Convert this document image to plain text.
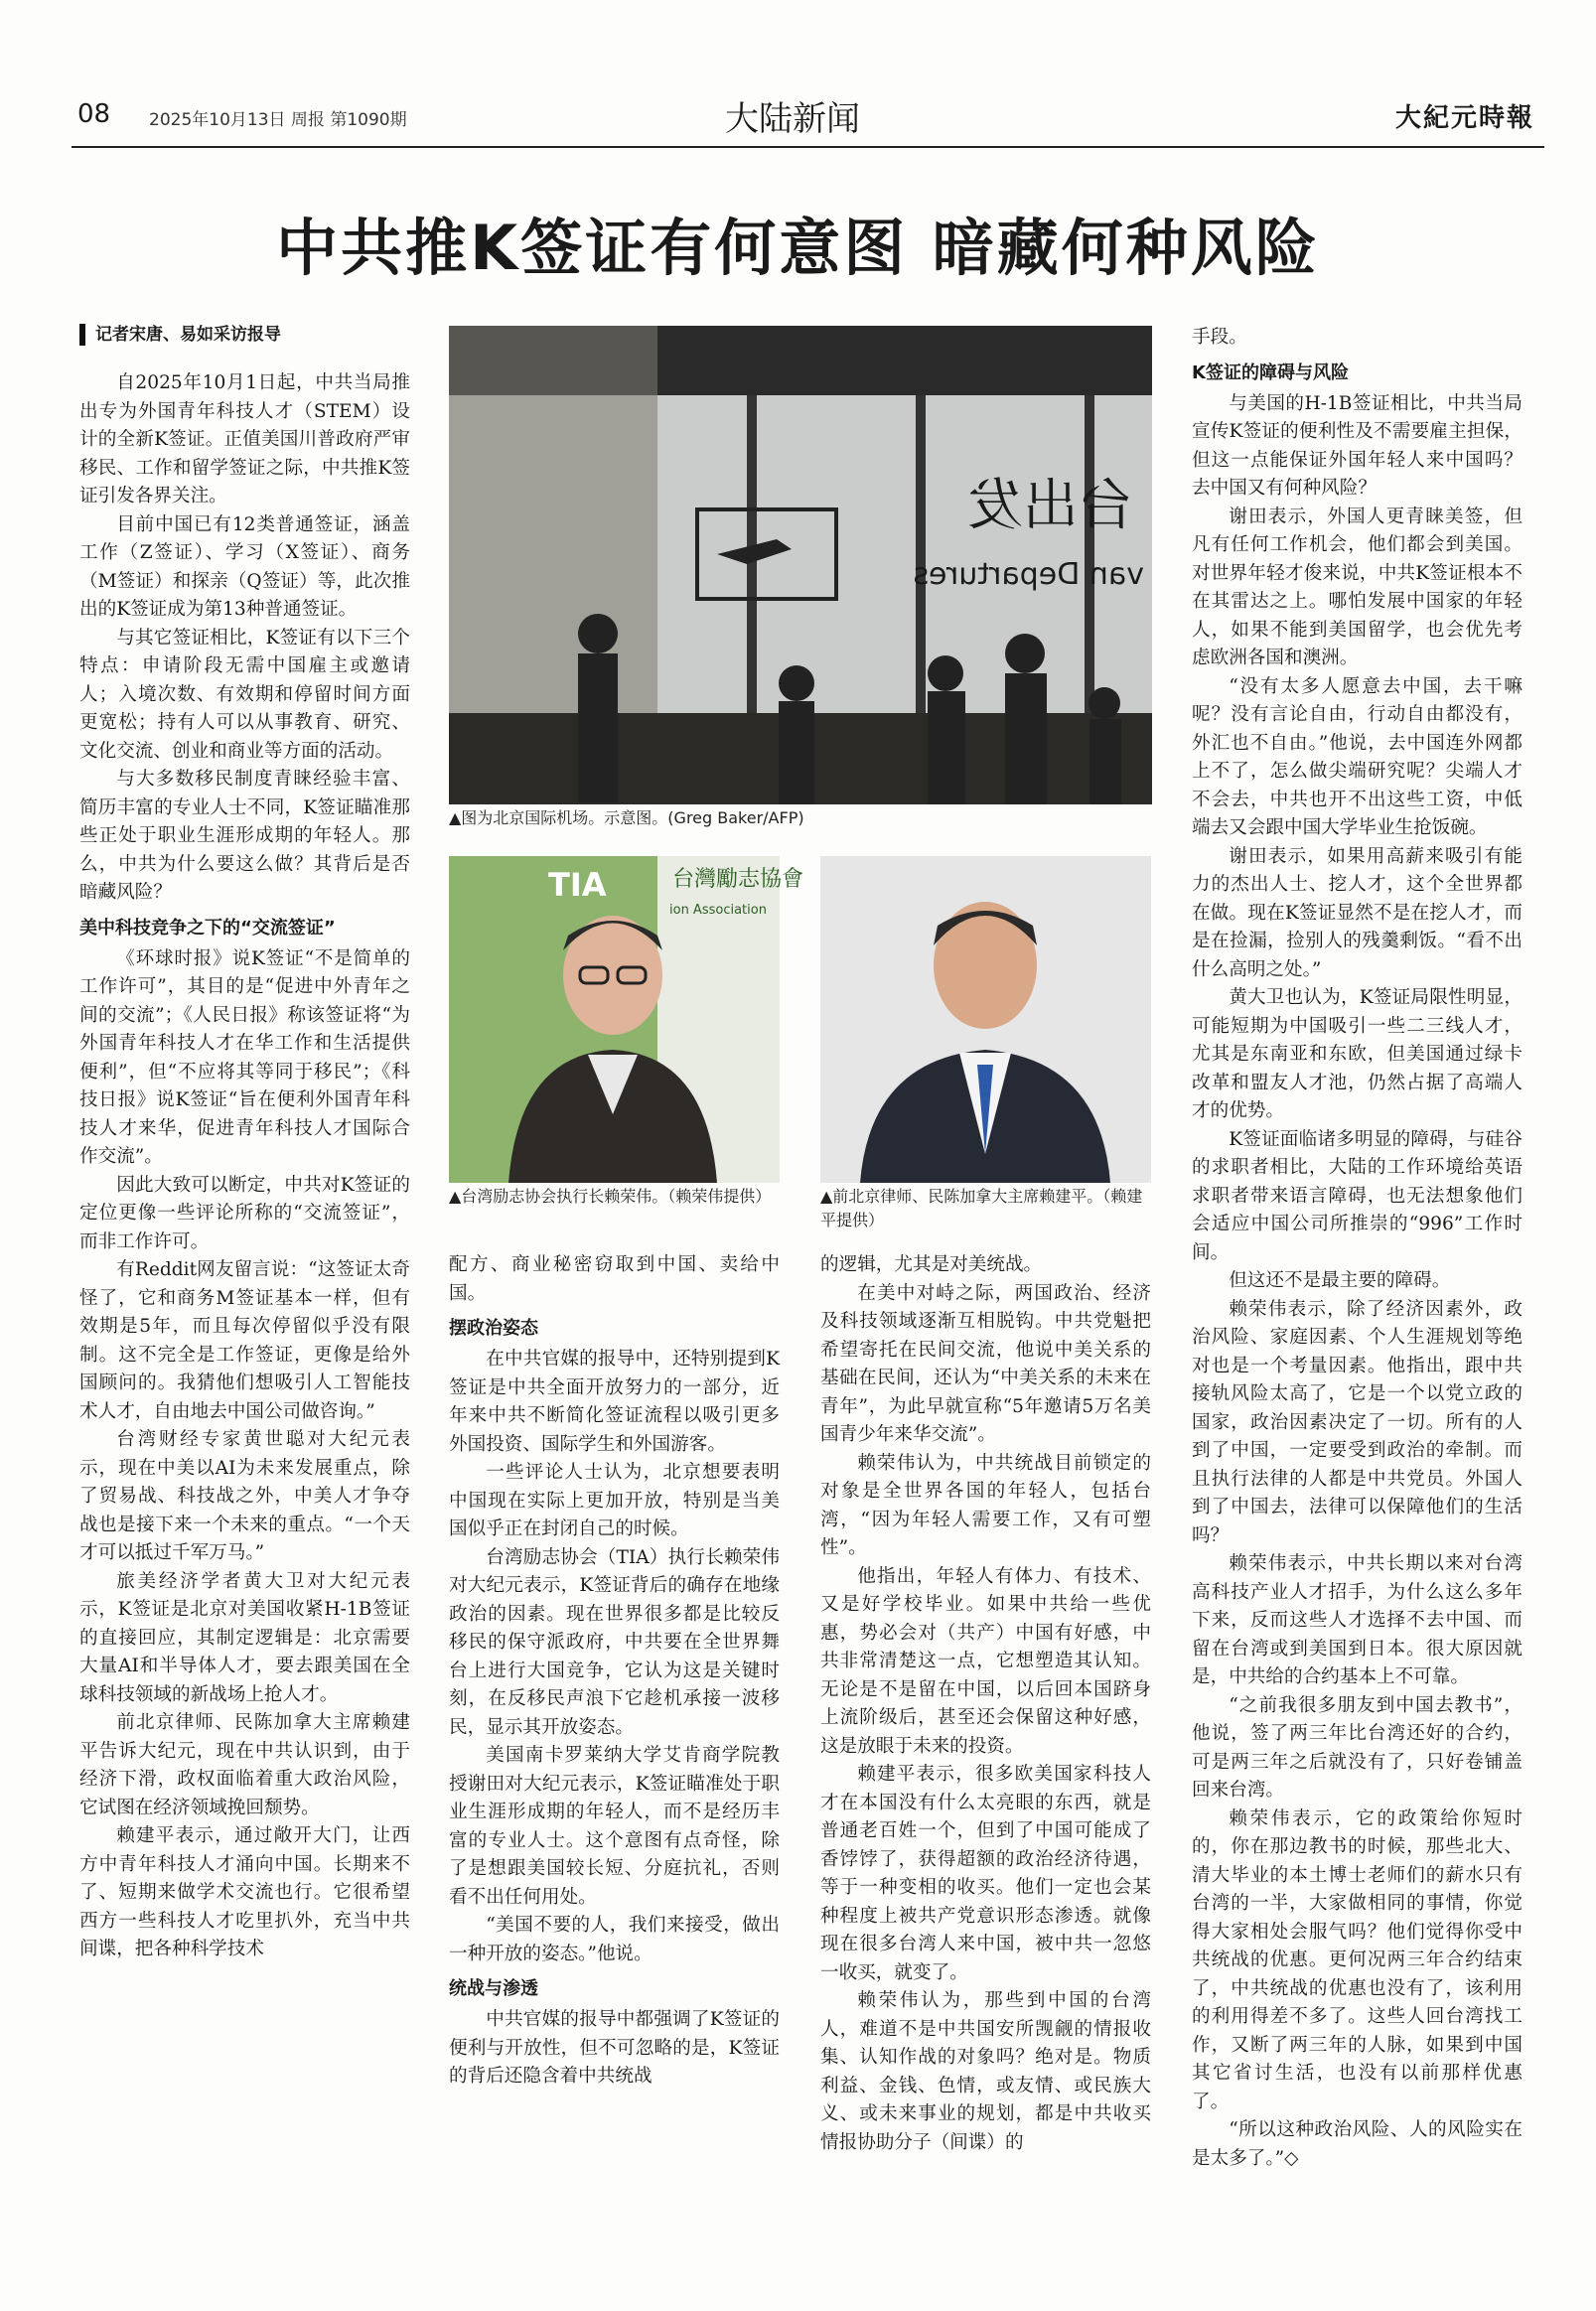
08 2025年10月13日 周报 第1090期	大陆新闻	大紀元時報
中共推K签证有何意图 暗藏何种风险
记者宋唐、易如采访报导

自2025年10月1日起，中共当局推出专为外国青年科技人才（STEM）设计的全新K签证。正值美国川普政府严审移民、工作和留学签证之际，中共推K签证引发各界关注。

目前中国已有12类普通签证，涵盖工作（Z签证）、学习（X签证）、商务（M签证）和探亲（Q签证）等，此次推出的K签证成为第13种普通签证。

与其它签证相比，K签证有以下三个特点：申请阶段无需中国雇主或邀请人；入境次数、有效期和停留时间方面更宽松；持有人可以从事教育、研究、文化交流、创业和商业等方面的活动。

与大多数移民制度青睐经验丰富、简历丰富的专业人士不同，K签证瞄准那些正处于职业生涯形成期的年轻人。那么，中共为什么要这么做？其背后是否暗藏风险？

美中科技竞争之下的“交流签证”

《环球时报》说K签证“不是简单的工作许可”，其目的是“促进中外青年之间的交流”；《人民日报》称该签证将“为外国青年科技人才在华工作和生活提供便利”，但“不应将其等同于移民”；《科技日报》说K签证“旨在便利外国青年科技人才来华，促进青年科技人才国际合作交流”。

因此大致可以断定，中共对K签证的定位更像一些评论所称的“交流签证”，而非工作许可。

有Reddit网友留言说：“这签证太奇怪了，它和商务M签证基本一样，但有效期是5年，而且每次停留似乎没有限制。这不完全是工作签证，更像是给外国顾问的。我猜他们想吸引人工智能技术人才，自由地去中国公司做咨询。”

台湾财经专家黄世聪对大纪元表示，现在中美以AI为未来发展重点，除了贸易战、科技战之外，中美人才争夺战也是接下来一个未来的重点。“一个天才可以抵过千军万马。”

旅美经济学者黄大卫对大纪元表示，K签证是北京对美国收紧H-1B签证的直接回应，其制定逻辑是：北京需要大量AI和半导体人才，要去跟美国在全球科技领域的新战场上抢人才。

前北京律师、民陈加拿大主席赖建平告诉大纪元，现在中共认识到，由于经济下滑，政权面临着重大政治风险，它试图在经济领域挽回颓势。

赖建平表示，通过敞开大门，让西方中青年科技人才涌向中国。长期来不了、短期来做学术交流也行。它很希望西方一些科技人才吃里扒外，充当中共间谍，把各种科学技术

台出发
van Departures
▲图为北京国际机场。示意图。(Greg Baker/AFP)
TIA	台灣勵志協會
ion Association
▲台湾励志协会执行长赖荣伟。（赖荣伟提供）	▲前北京律师、民陈加拿大主席赖建平。（赖建平提供）

配方、商业秘密窃取到中国、卖给中国。

摆政治姿态

在中共官媒的报导中，还特别提到K签证是中共全面开放努力的一部分，近年来中共不断简化签证流程以吸引更多外国投资、国际学生和外国游客。

一些评论人士认为，北京想要表明中国现在实际上更加开放，特别是当美国似乎正在封闭自己的时候。

台湾励志协会（TIA）执行长赖荣伟对大纪元表示，K签证背后的确存在地缘政治的因素。现在世界很多都是比较反移民的保守派政府，中共要在全世界舞台上进行大国竞争，它认为这是关键时刻，在反移民声浪下它趁机承接一波移民，显示其开放姿态。

美国南卡罗莱纳大学艾肯商学院教授谢田对大纪元表示，K签证瞄准处于职业生涯形成期的年轻人，而不是经历丰富的专业人士。这个意图有点奇怪，除了是想跟美国较长短、分庭抗礼，否则看不出任何用处。

“美国不要的人，我们来接受，做出一种开放的姿态。”他说。

统战与渗透

中共官媒的报导中都强调了K签证的便利与开放性，但不可忽略的是，K签证的背后还隐含着中共统战

的逻辑，尤其是对美统战。

在美中对峙之际，两国政治、经济及科技领域逐渐互相脱钩。中共党魁把希望寄托在民间交流，他说中美关系的基础在民间，还认为“中美关系的未来在青年”，为此早就宣称“5年邀请5万名美国青少年来华交流”。

赖荣伟认为，中共统战目前锁定的对象是全世界各国的年轻人，包括台湾，“因为年轻人需要工作，又有可塑性”。

他指出，年轻人有体力、有技术、又是好学校毕业。如果中共给一些优惠，势必会对（共产）中国有好感，中共非常清楚这一点，它想塑造其认知。无论是不是留在中国，以后回本国跻身上流阶级后，甚至还会保留这种好感，这是放眼于未来的投资。

赖建平表示，很多欧美国家科技人才在本国没有什么太亮眼的东西，就是普通老百姓一个，但到了中国可能成了香饽饽了，获得超额的政治经济待遇，等于一种变相的收买。他们一定也会某种程度上被共产党意识形态渗透。就像现在很多台湾人来中国，被中共一忽悠一收买，就变了。

赖荣伟认为，那些到中国的台湾人，难道不是中共国安所觊觎的情报收集、认知作战的对象吗？绝对是。物质利益、金钱、色情，或友情、或民族大义、或未来事业的规划，都是中共收买情报协助分子（间谍）的

手段。

K签证的障碍与风险

与美国的H-1B签证相比，中共当局宣传K签证的便利性及不需要雇主担保，但这一点能保证外国年轻人来中国吗？去中国又有何种风险？

谢田表示，外国人更青睐美签，但凡有任何工作机会，他们都会到美国。对世界年轻才俊来说，中共K签证根本不在其雷达之上。哪怕发展中国家的年轻人，如果不能到美国留学，也会优先考虑欧洲各国和澳洲。

“没有太多人愿意去中国，去干嘛呢？没有言论自由，行动自由都没有，外汇也不自由。”他说，去中国连外网都上不了，怎么做尖端研究呢？尖端人才不会去，中共也开不出这些工资，中低端去又会跟中国大学毕业生抢饭碗。

谢田表示，如果用高薪来吸引有能力的杰出人士、挖人才，这个全世界都在做。现在K签证显然不是在挖人才，而是在捡漏，捡别人的残羹剩饭。“看不出什么高明之处。”

黄大卫也认为，K签证局限性明显，可能短期为中国吸引一些二三线人才，尤其是东南亚和东欧，但美国通过绿卡改革和盟友人才池，仍然占据了高端人才的优势。

K签证面临诸多明显的障碍，与硅谷的求职者相比，大陆的工作环境给英语求职者带来语言障碍，也无法想象他们会适应中国公司所推崇的“996”工作时间。

但这还不是最主要的障碍。

赖荣伟表示，除了经济因素外，政治风险、家庭因素、个人生涯规划等绝对也是一个考量因素。他指出，跟中共接轨风险太高了，它是一个以党立政的国家，政治因素决定了一切。所有的人到了中国，一定要受到政治的牵制。而且执行法律的人都是中共党员。外国人到了中国去，法律可以保障他们的生活吗？

赖荣伟表示，中共长期以来对台湾高科技产业人才招手，为什么这么多年下来，反而这些人才选择不去中国、而留在台湾或到美国到日本。很大原因就是，中共给的合约基本上不可靠。

“之前我很多朋友到中国去教书”，他说，签了两三年比台湾还好的合约，可是两三年之后就没有了，只好卷铺盖回来台湾。

赖荣伟表示，它的政策给你短时的，你在那边教书的时候，那些北大、清大毕业的本土博士老师们的薪水只有台湾的一半，大家做相同的事情，你觉得大家相处会服气吗？他们觉得你受中共统战的优惠。更何况两三年合约结束了，中共统战的优惠也没有了，该利用的利用得差不多了。这些人回台湾找工作，又断了两三年的人脉，如果到中国其它省讨生活，也没有以前那样优惠了。

“所以这种政治风险、人的风险实在是太多了。”◇
